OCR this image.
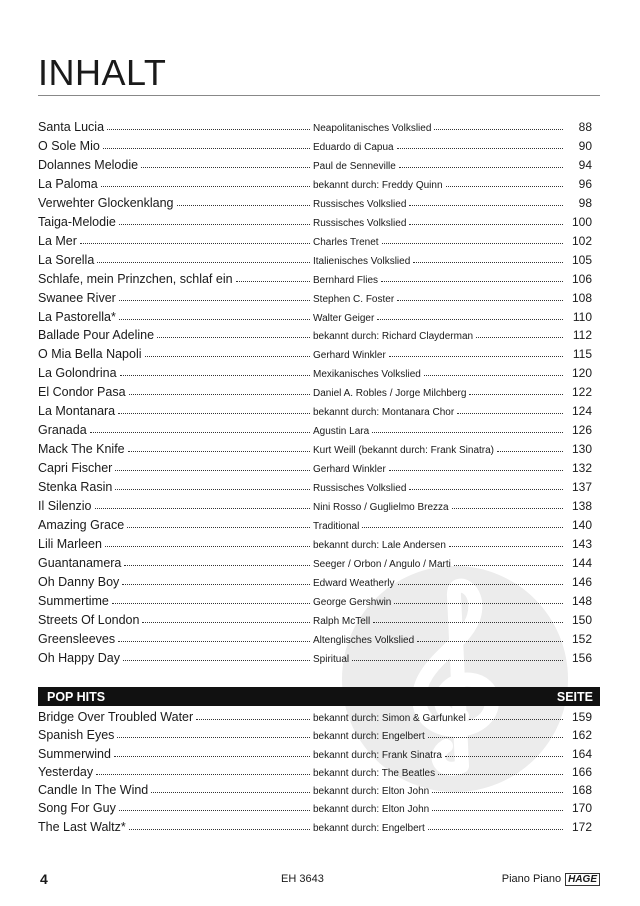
INHALT
Santa Lucia	Neapolitanisches Volkslied	88
O Sole Mio	Eduardo di Capua	90
Dolannes Melodie	Paul de Senneville	94
La Paloma	bekannt durch: Freddy Quinn	96
Verwehter Glockenklang	Russisches Volkslied	98
Taiga-Melodie	Russisches Volkslied	100
La Mer	Charles Trenet	102
La Sorella	Italienisches Volkslied	105
Schlafe, mein Prinzchen, schlaf ein	Bernhard Flies	106
Swanee River	Stephen C. Foster	108
La Pastorella*	Walter Geiger	110
Ballade Pour Adeline	bekannt durch: Richard Clayderman	112
O Mia Bella Napoli	Gerhard Winkler	115
La Golondrina	Mexikanisches Volkslied	120
El Condor Pasa	Daniel A. Robles / Jorge Milchberg	122
La Montanara	bekannt durch: Montanara Chor	124
Granada	Agustin Lara	126
Mack The Knife	Kurt Weill (bekannt durch: Frank Sinatra)	130
Capri Fischer	Gerhard Winkler	132
Stenka Rasin	Russisches Volkslied	137
Il Silenzio	Nini Rosso / Guglielmo Brezza	138
Amazing Grace	Traditional	140
Lili Marleen	bekannt durch: Lale Andersen	143
Guantanamera	Seeger / Orbon / Angulo / Marti	144
Oh Danny Boy	Edward Weatherly	146
Summertime	George Gershwin	148
Streets Of London	Ralph McTell	150
Greensleeves	Altenglisches Volkslied	152
Oh Happy Day	Spiritual	156
POP HITS	SEITE
Bridge Over Troubled Water	bekannt durch: Simon & Garfunkel	159
Spanish Eyes	bekannt durch: Engelbert	162
Summerwind	bekannt durch: Frank Sinatra	164
Yesterday	bekannt durch: The Beatles	166
Candle In The Wind	bekannt durch: Elton John	168
Song For Guy	bekannt durch: Elton John	170
The Last Waltz*	bekannt durch: Engelbert	172
4	EH 3643	Piano Piano HAGE
